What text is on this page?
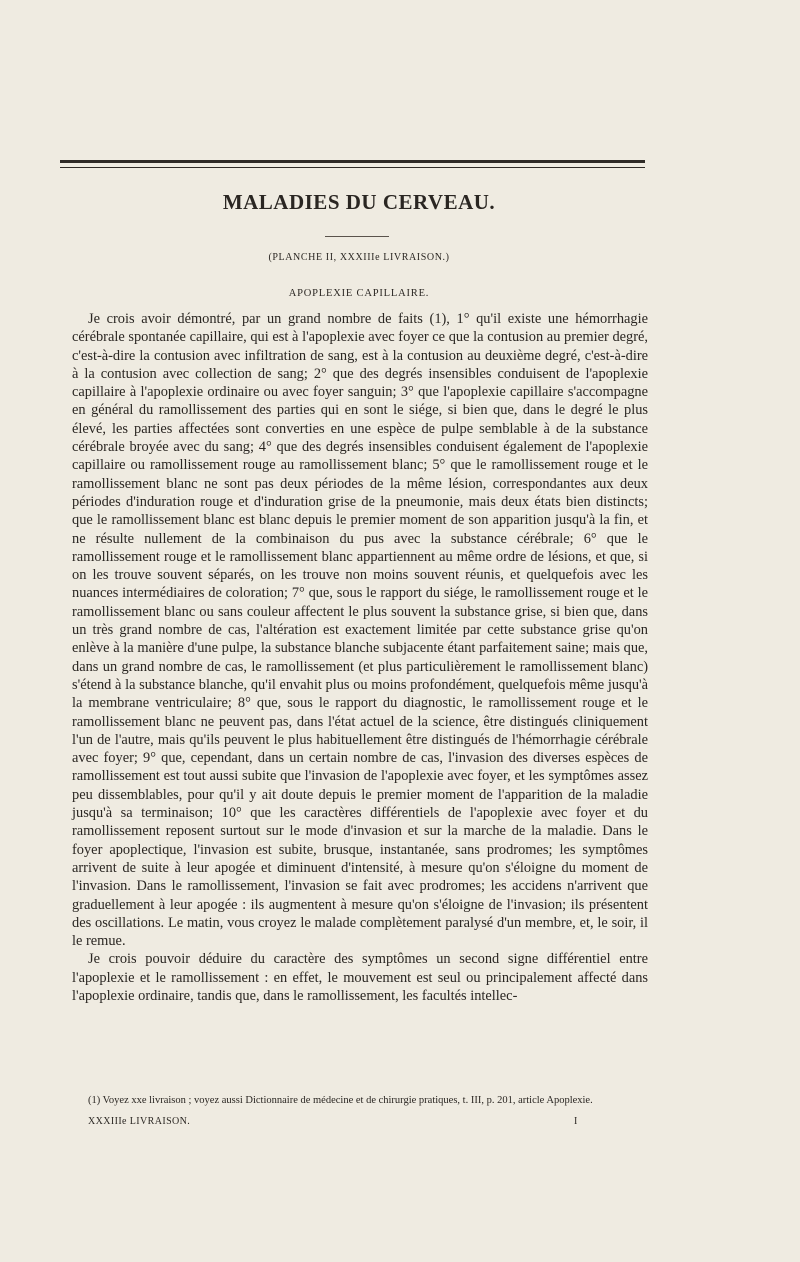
MALADIES DU CERVEAU.

(PLANCHE II, XXXIIIe LIVRAISON.)

APOPLEXIE CAPILLAIRE.

Je crois avoir démontré, par un grand nombre de faits (1), 1° qu'il existe une hémorrhagie cérébrale spontanée capillaire, qui est à l'apoplexie avec foyer ce que la contusion au premier degré, c'est-à-dire la contusion avec infiltration de sang, est à la contusion au deuxième degré, c'est-à-dire à la contusion avec collection de sang; 2° que des degrés insensibles conduisent de l'apoplexie capillaire à l'apoplexie ordinaire ou avec foyer sanguin; 3° que l'apoplexie capillaire s'accompagne en général du ramollissement des parties qui en sont le siége, si bien que, dans le degré le plus élevé, les parties affectées sont converties en une espèce de pulpe semblable à de la substance cérébrale broyée avec du sang; 4° que des degrés insensibles conduisent également de l'apoplexie capillaire ou ramollissement rouge au ramollissement blanc; 5° que le ramollissement rouge et le ramollissement blanc ne sont pas deux périodes de la même lésion, correspondantes aux deux périodes d'induration rouge et d'induration grise de la pneumonie, mais deux états bien distincts; que le ramollissement blanc est blanc depuis le premier moment de son apparition jusqu'à la fin, et ne résulte nullement de la combinaison du pus avec la substance cérébrale; 6° que le ramollissement rouge et le ramollissement blanc appartiennent au même ordre de lésions, et que, si on les trouve souvent séparés, on les trouve non moins souvent réunis, et quelquefois avec les nuances intermédiaires de coloration; 7° que, sous le rapport du siége, le ramollissement rouge et le ramollissement blanc ou sans couleur affectent le plus souvent la substance grise, si bien que, dans un très grand nombre de cas, l'altération est exactement limitée par cette substance grise qu'on enlève à la manière d'une pulpe, la substance blanche subjacente étant parfaitement saine; mais que, dans un grand nombre de cas, le ramollissement (et plus particulièrement le ramollissement blanc) s'étend à la substance blanche, qu'il envahit plus ou moins profondément, quelquefois même jusqu'à la membrane ventriculaire; 8° que, sous le rapport du diagnostic, le ramollissement rouge et le ramollissement blanc ne peuvent pas, dans l'état actuel de la science, être distingués cliniquement l'un de l'autre, mais qu'ils peuvent le plus habituellement être distingués de l'hémorrhagie cérébrale avec foyer; 9° que, cependant, dans un certain nombre de cas, l'invasion des diverses espèces de ramollissement est tout aussi subite que l'invasion de l'apoplexie avec foyer, et les symptômes assez peu dissemblables, pour qu'il y ait doute depuis le premier moment de l'apparition de la maladie jusqu'à sa terminaison; 10° que les caractères différentiels de l'apoplexie avec foyer et du ramollissement reposent surtout sur le mode d'invasion et sur la marche de la maladie. Dans le foyer apoplectique, l'invasion est subite, brusque, instantanée, sans prodromes; les symptômes arrivent de suite à leur apogée et diminuent d'intensité, à mesure qu'on s'éloigne du moment de l'invasion. Dans le ramollissement, l'invasion se fait avec prodromes; les accidens n'arrivent que graduellement à leur apogée : ils augmentent à mesure qu'on s'éloigne de l'invasion; ils présentent des oscillations. Le matin, vous croyez le malade complètement paralysé d'un membre, et, le soir, il le remue.

Je crois pouvoir déduire du caractère des symptômes un second signe différentiel entre l'apoplexie et le ramollissement : en effet, le mouvement est seul ou principalement affecté dans l'apoplexie ordinaire, tandis que, dans le ramollissement, les facultés intellec-

(1) Voyez xxe livraison ; voyez aussi Dictionnaire de médecine et de chirurgie pratiques, t. III, p. 201, article Apoplexie.

XXXIIIe LIVRAISON.	I
